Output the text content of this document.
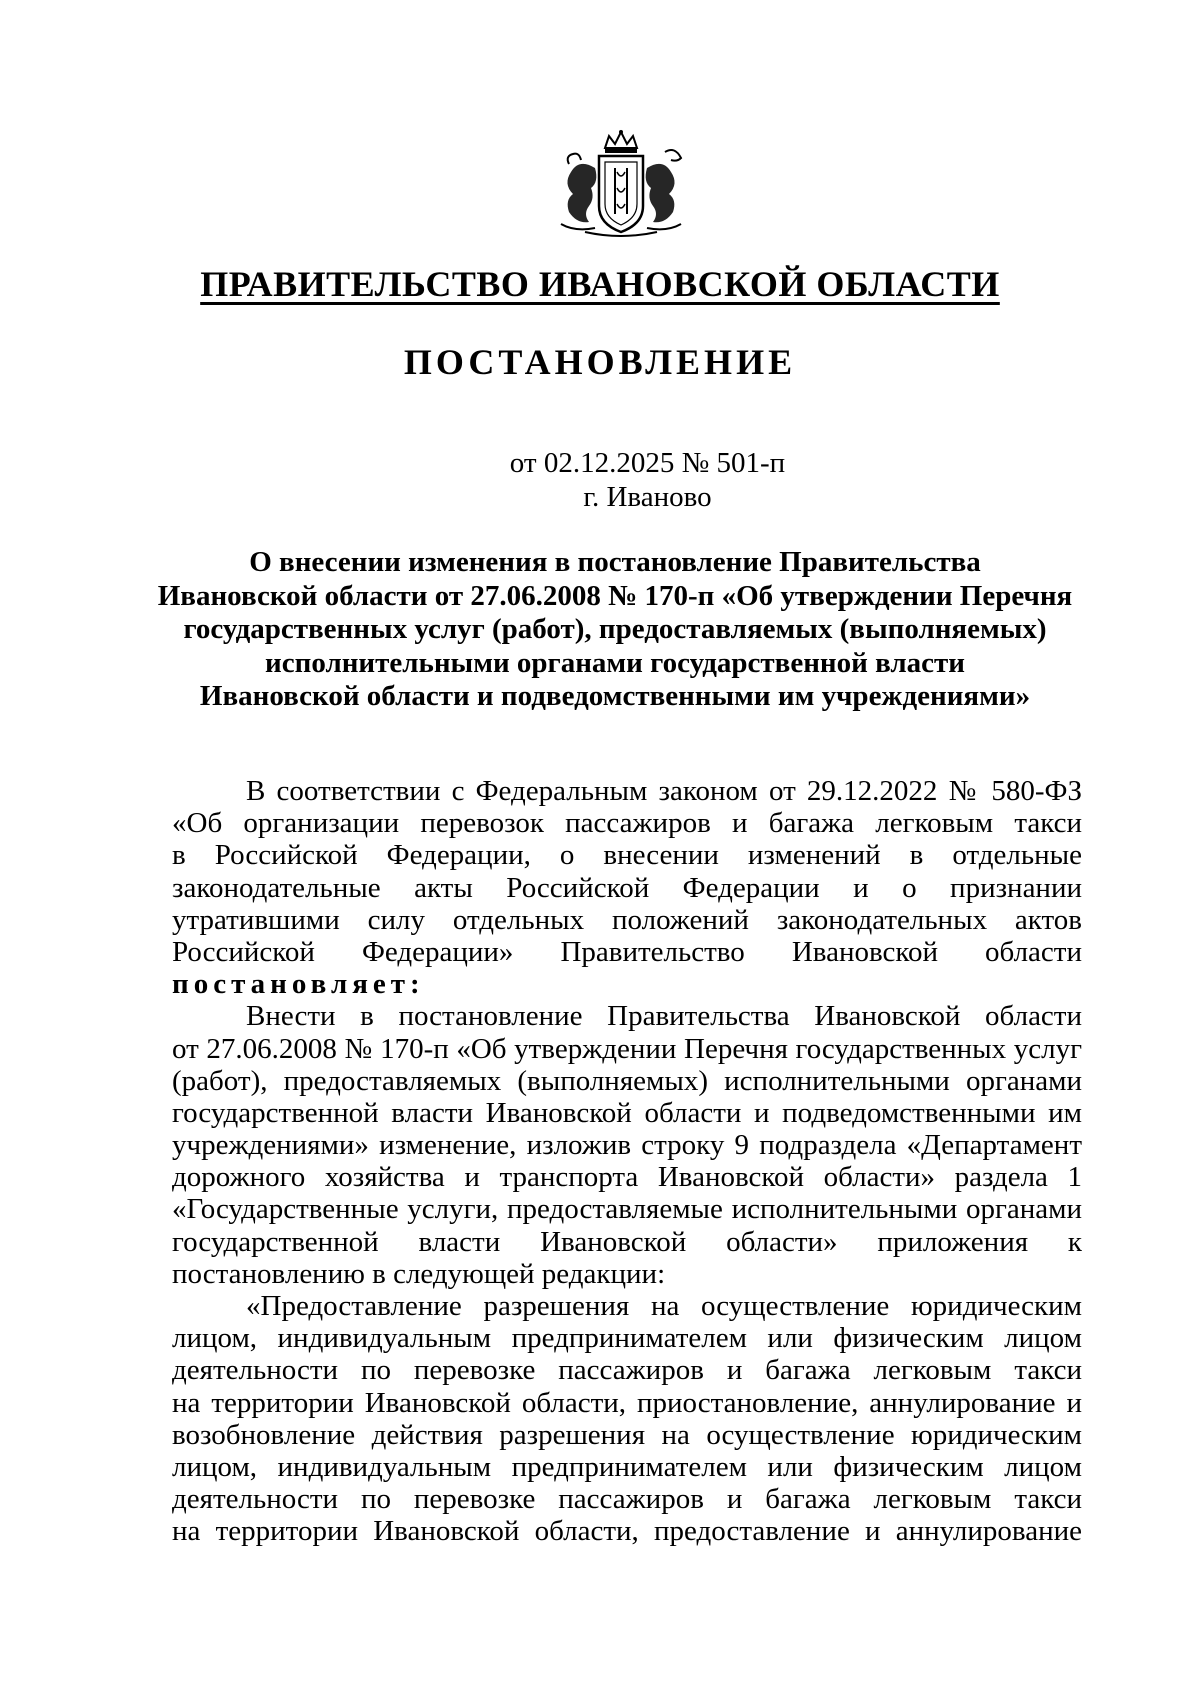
ПРАВИТЕЛЬСТВО ИВАНОВСКОЙ ОБЛАСТИ
ПОСТАНОВЛЕНИЕ
от 02.12.2025 № 501-п
г. Иваново
О внесении изменения в постановление Правительства
Ивановской области от 27.06.2008 № 170-п «Об утверждении Перечня
государственных услуг (работ), предоставляемых (выполняемых)
исполнительными органами государственной власти
Ивановской области и подведомственными им учреждениями»
В соответствии с Федеральным законом от 29.12.2022 № 580-ФЗ
«Об организации перевозок пассажиров и багажа легковым такси
в Российской Федерации, о внесении изменений в отдельные
законодательные акты Российской Федерации и о признании
утратившими силу отдельных положений законодательных актов
Российской Федерации» Правительство Ивановской области
постановляет:
Внести в постановление Правительства Ивановской области
от 27.06.2008 № 170-п «Об утверждении Перечня государственных услуг
(работ), предоставляемых (выполняемых) исполнительными органами
государственной власти Ивановской области и подведомственными им
учреждениями» изменение, изложив строку 9 подраздела «Департамент
дорожного хозяйства и транспорта Ивановской области» раздела 1
«Государственные услуги, предоставляемые исполнительными органами
государственной власти Ивановской области» приложения к
постановлению в следующей редакции:
«Предоставление разрешения на осуществление юридическим
лицом, индивидуальным предпринимателем или физическим лицом
деятельности по перевозке пассажиров и багажа легковым такси
на территории Ивановской области, приостановление, аннулирование и
возобновление действия разрешения на осуществление юридическим
лицом, индивидуальным предпринимателем или физическим лицом
деятельности по перевозке пассажиров и багажа легковым такси
на территории Ивановской области, предоставление и аннулирование
